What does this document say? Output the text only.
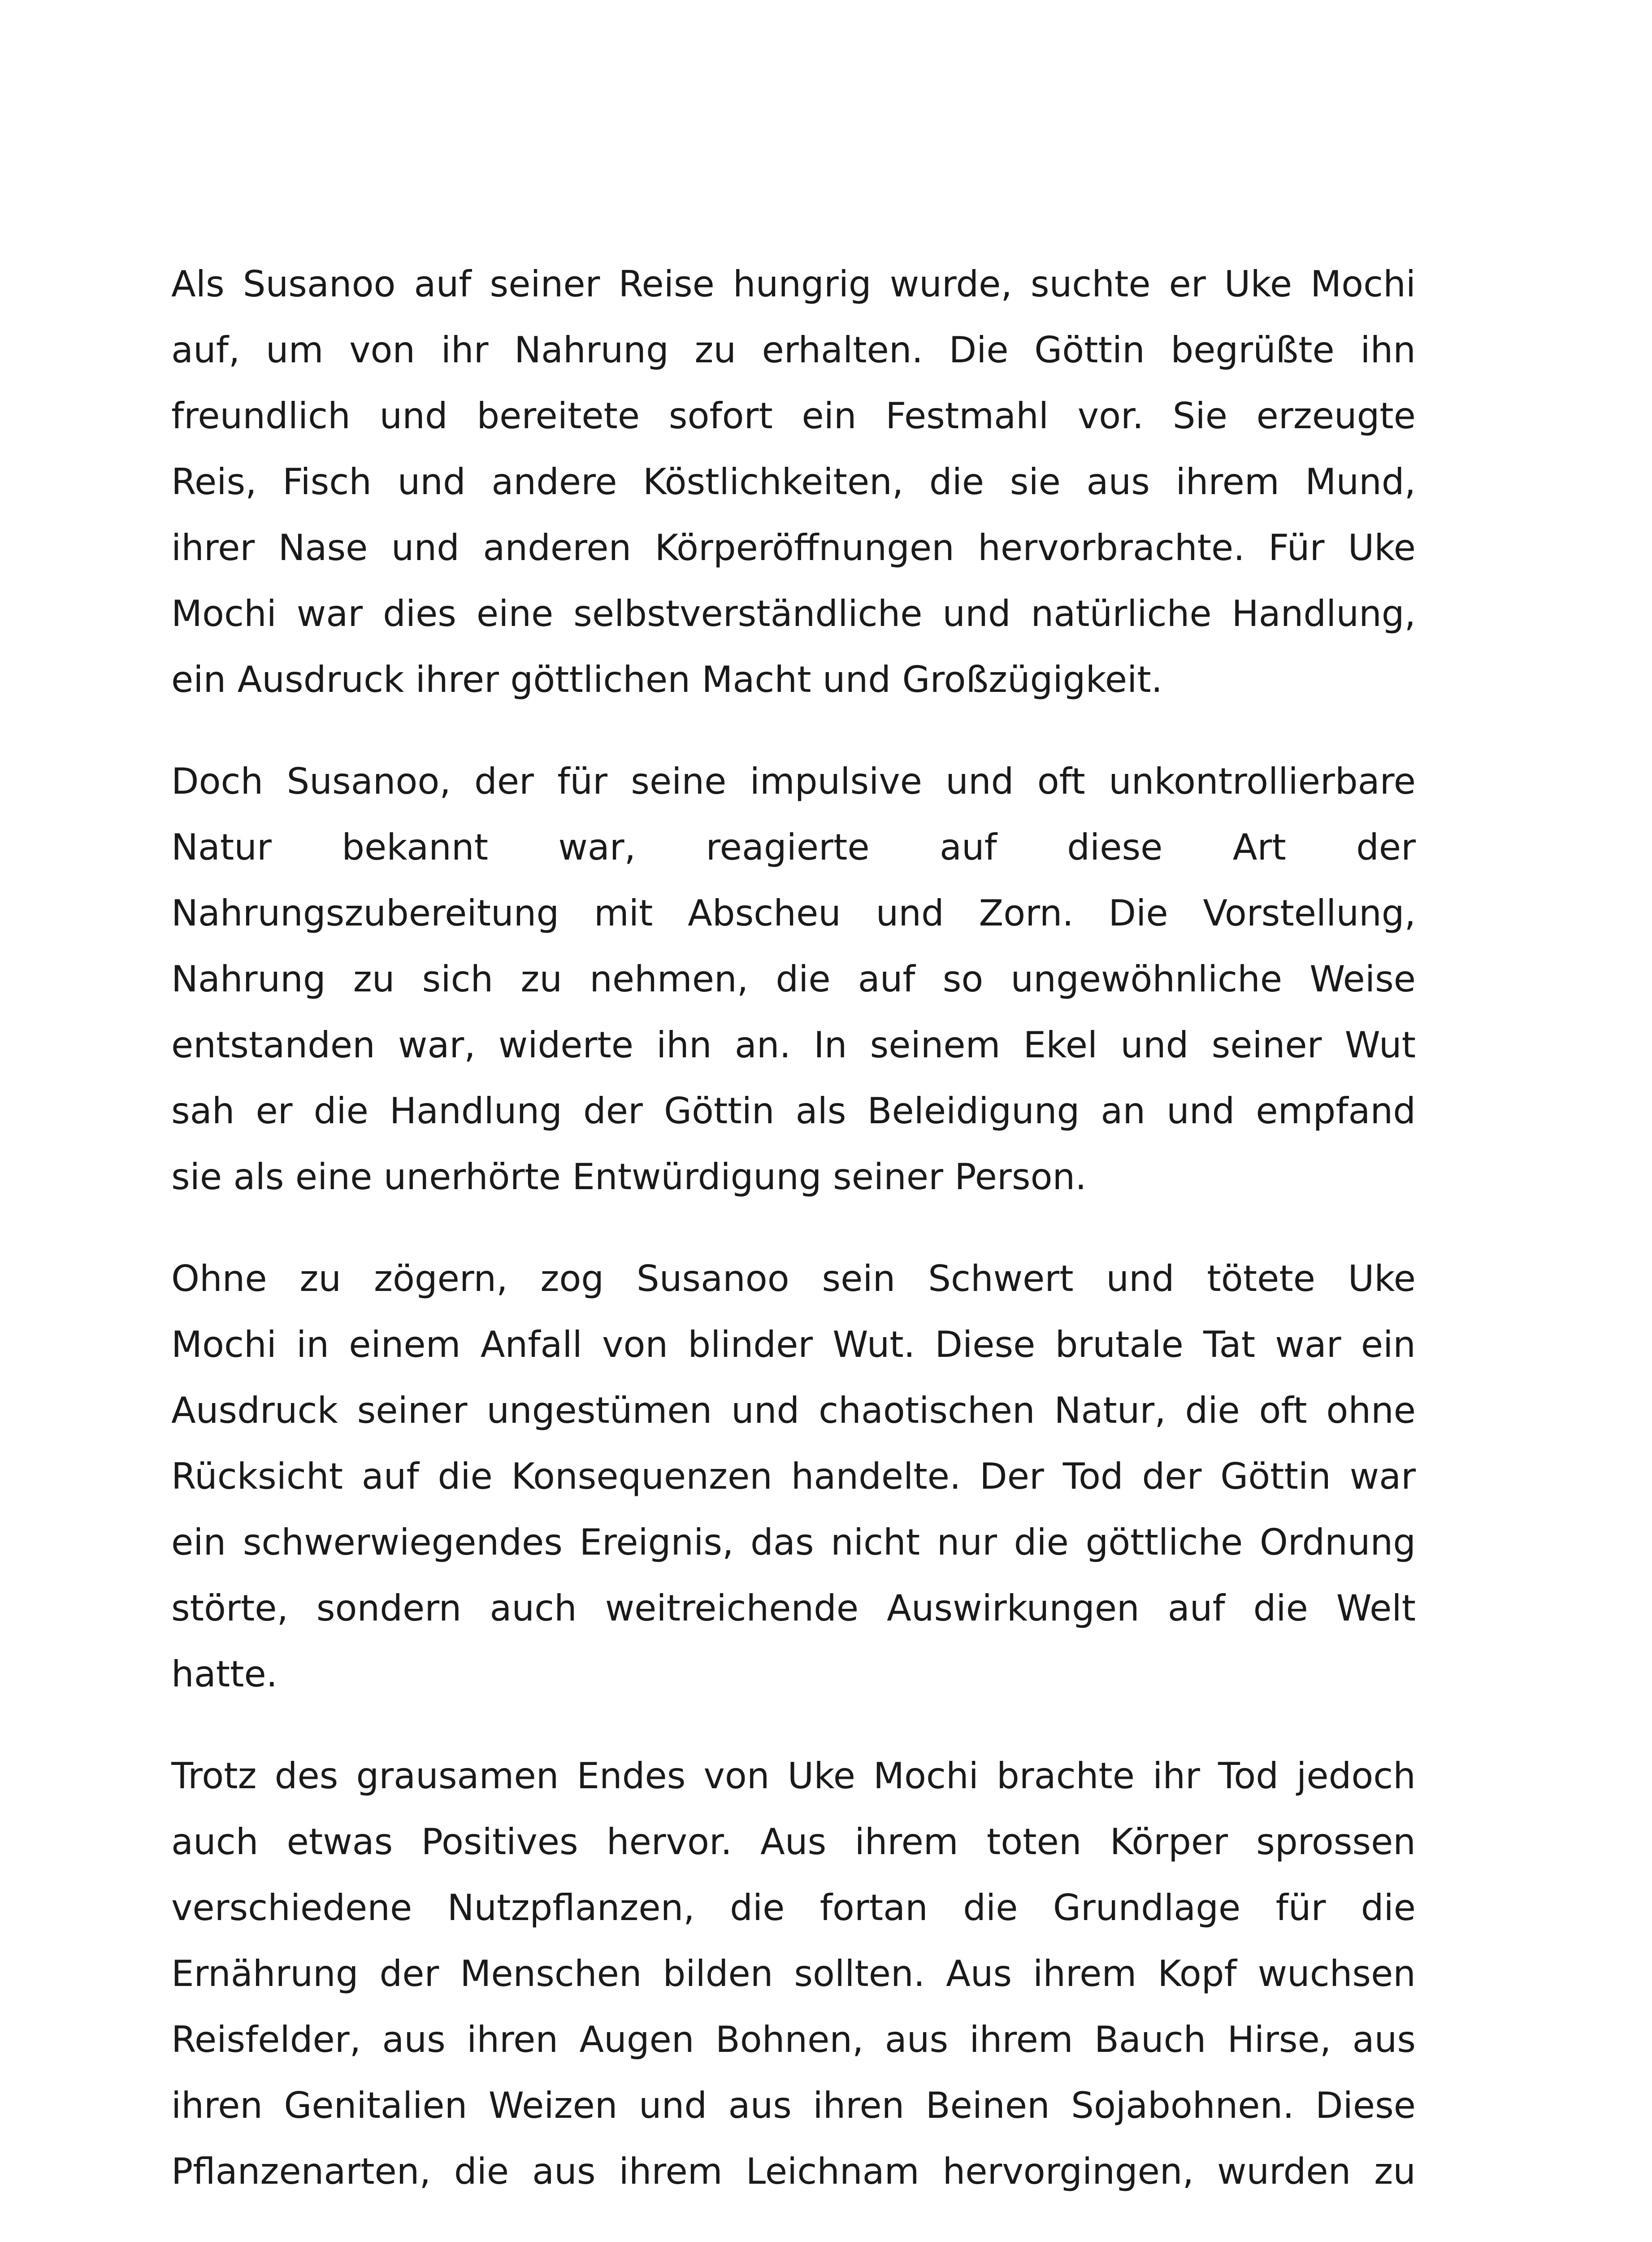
Als Susanoo auf seiner Reise hungrig wurde, suchte er Uke Mochi
auf, um von ihr Nahrung zu erhalten. Die Göttin begrüßte ihn
freundlich und bereitete sofort ein Festmahl vor. Sie erzeugte
Reis, Fisch und andere Köstlichkeiten, die sie aus ihrem Mund,
ihrer Nase und anderen Körperöffnungen hervorbrachte. Für Uke
Mochi war dies eine selbstverständliche und natürliche Handlung,
ein Ausdruck ihrer göttlichen Macht und Großzügigkeit.
Doch Susanoo, der für seine impulsive und oft unkontrollierbare
Natur bekannt war, reagierte auf diese Art der
Nahrungszubereitung mit Abscheu und Zorn. Die Vorstellung,
Nahrung zu sich zu nehmen, die auf so ungewöhnliche Weise
entstanden war, widerte ihn an. In seinem Ekel und seiner Wut
sah er die Handlung der Göttin als Beleidigung an und empfand
sie als eine unerhörte Entwürdigung seiner Person.
Ohne zu zögern, zog Susanoo sein Schwert und tötete Uke
Mochi in einem Anfall von blinder Wut. Diese brutale Tat war ein
Ausdruck seiner ungestümen und chaotischen Natur, die oft ohne
Rücksicht auf die Konsequenzen handelte. Der Tod der Göttin war
ein schwerwiegendes Ereignis, das nicht nur die göttliche Ordnung
störte, sondern auch weitreichende Auswirkungen auf die Welt
hatte.
Trotz des grausamen Endes von Uke Mochi brachte ihr Tod jedoch
auch etwas Positives hervor. Aus ihrem toten Körper sprossen
verschiedene Nutzpflanzen, die fortan die Grundlage für die
Ernährung der Menschen bilden sollten. Aus ihrem Kopf wuchsen
Reisfelder, aus ihren Augen Bohnen, aus ihrem Bauch Hirse, aus
ihren Genitalien Weizen und aus ihren Beinen Sojabohnen. Diese
Pflanzenarten, die aus ihrem Leichnam hervorgingen, wurden zu
